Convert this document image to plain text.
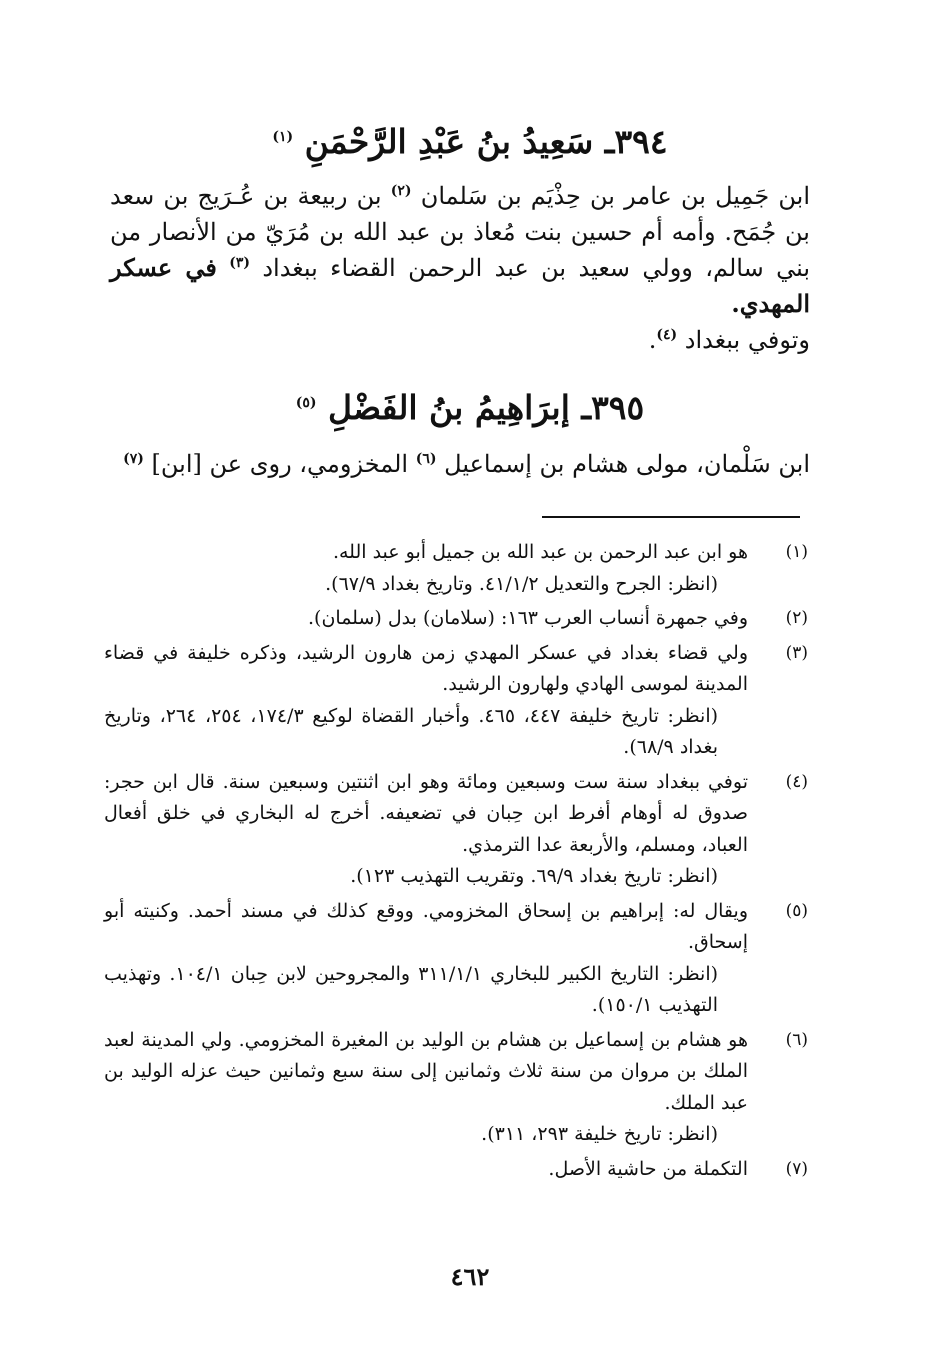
٣٩٤ـ سَعِيدُ بنُ عَبْدِ الرَّحْمَنِ $^{(١)}$

ابن جَمِيل بن عامر بن حِذْيَم بن سَلمان $^{(٢)}$ بن ربيعة بن عُـرَيج بن سعد بن جُمَح. وأمه أم حسين بنت مُعاذ بن عبد الله بن مُرَيّ من الأنصار من بني سالم، وولي سعيد بن عبد الرحمن القضاء ببغداد $^{(٣)}$ في عسكر المهدي.

وتوفي ببغداد $^{(٤)}$.

٣٩٥ـ إبرَاهِيمُ بنُ الفَضْلِ $^{(٥)}$

ابن سَلْمان، مولى هشام بن إسماعيل $^{(٦)}$ المخزومي، روى عن [ابن] $^{(٧)}$

(١)
هو ابن عبد الرحمن بن عبد الله بن جميل أبو عبد الله.
(انظر: الجرح والتعديل ٤١/١/٢. وتاريخ بغداد ٦٧/٩).
(٢)
وفي جمهرة أنساب العرب ١٦٣: (سلامان) بدل (سلمان).
(٣)
ولي قضاء بغداد في عسكر المهدي زمن هارون الرشيد، وذكره خليفة في قضاء المدينة لموسى الهادي ولهارون الرشيد.
(انظر: تاريخ خليفة ٤٤٧، ٤٦٥. وأخبار القضاة لوكيع ١٧٤/٣، ٢٥٤، ٢٦٤، وتاريخ بغداد ٦٨/٩).
(٤)
توفي ببغداد سنة ست وسبعين ومائة وهو ابن اثنتين وسبعين سنة. قال ابن حجر: صدوق له أوهام أفرط ابن حِبان في تضعيفه. أخرج له البخاري في خلق أفعال العباد، ومسلم، والأربعة عدا الترمذي.
(انظر: تاريخ بغداد ٦٩/٩. وتقريب التهذيب ١٢٣).
(٥)
ويقال له: إبراهيم بن إسحاق المخزومي. ووقع كذلك في مسند أحمد. وكنيته أبو إسحاق.
(انظر: التاريخ الكبير للبخاري ٣١١/١/١ والمجروحين لابن حِبان ١٠٤/١. وتهذيب التهذيب ١٥٠/١).
(٦)
هو هشام بن إسماعيل بن هشام بن الوليد بن المغيرة المخزومي. ولي المدينة لعبد الملك بن مروان من سنة ثلاث وثمانين إلى سنة سبع وثمانين حيث عزله الوليد بن عبد الملك.
(انظر: تاريخ خليفة ٢٩٣، ٣١١).
(٧)
التكملة من حاشية الأصل.
٤٦٢
